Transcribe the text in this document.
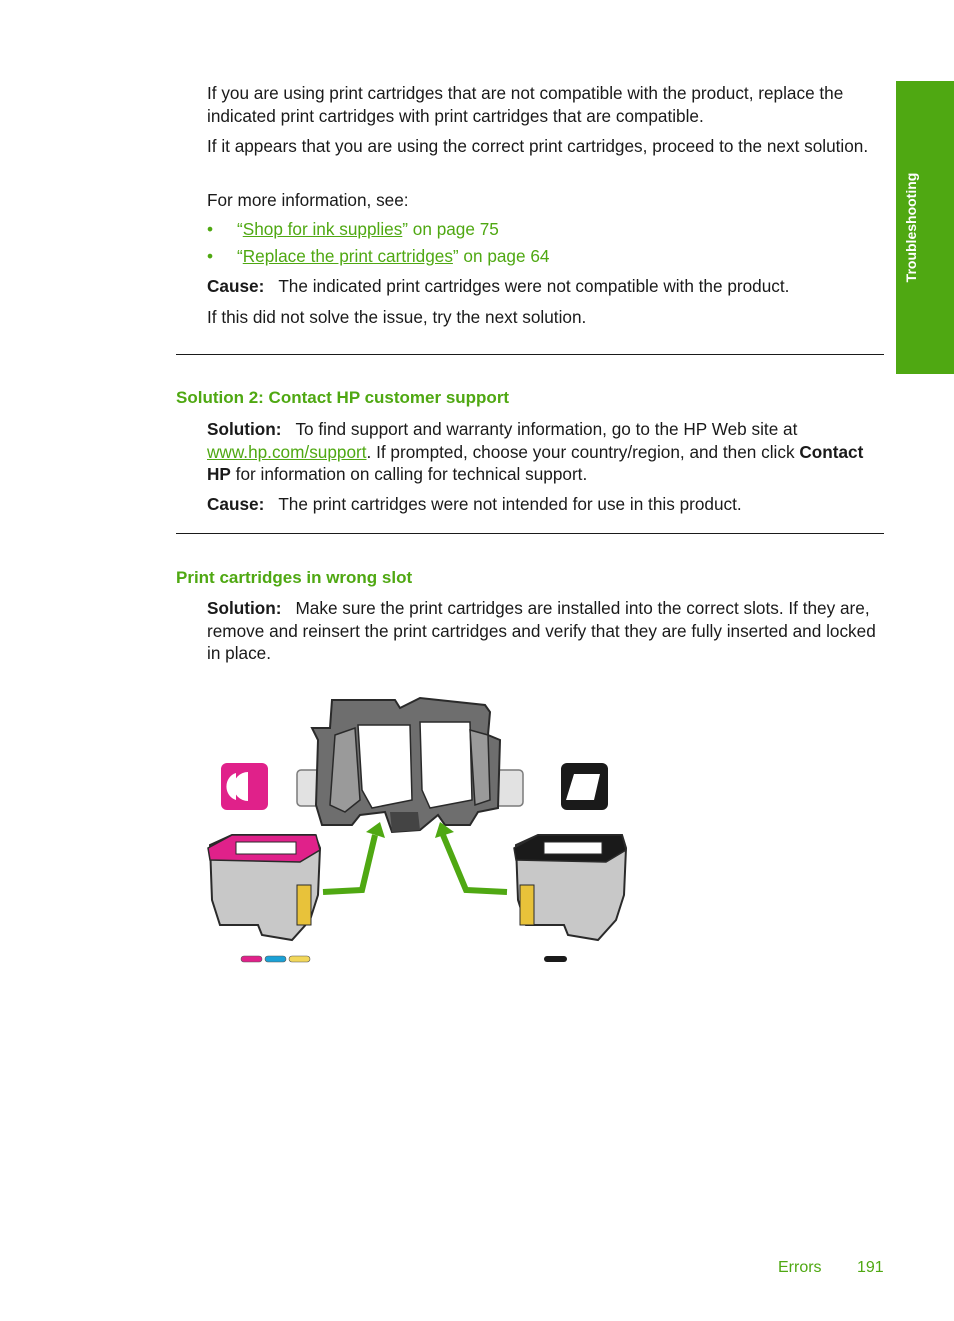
Troubleshooting

If you are using print cartridges that are not compatible with the product, replace the indicated print cartridges with print cartridges that are compatible.

If it appears that you are using the correct print cartridges, proceed to the next solution.

For more information, see:

• “Shop for ink supplies” on page 75
• “Replace the print cartridges” on page 64

Cause: The indicated print cartridges were not compatible with the product.

If this did not solve the issue, try the next solution.

Solution 2: Contact HP customer support

Solution: To find support and warranty information, go to the HP Web site at www.hp.com/support. If prompted, choose your country/region, and then click Contact HP for information on calling for technical support.

Cause: The print cartridges were not intended for use in this product.

Print cartridges in wrong slot

Solution: Make sure the print cartridges are installed into the correct slots. If they are, remove and reinsert the print cartridges and verify that they are fully inserted and locked in place.

Errors 191
